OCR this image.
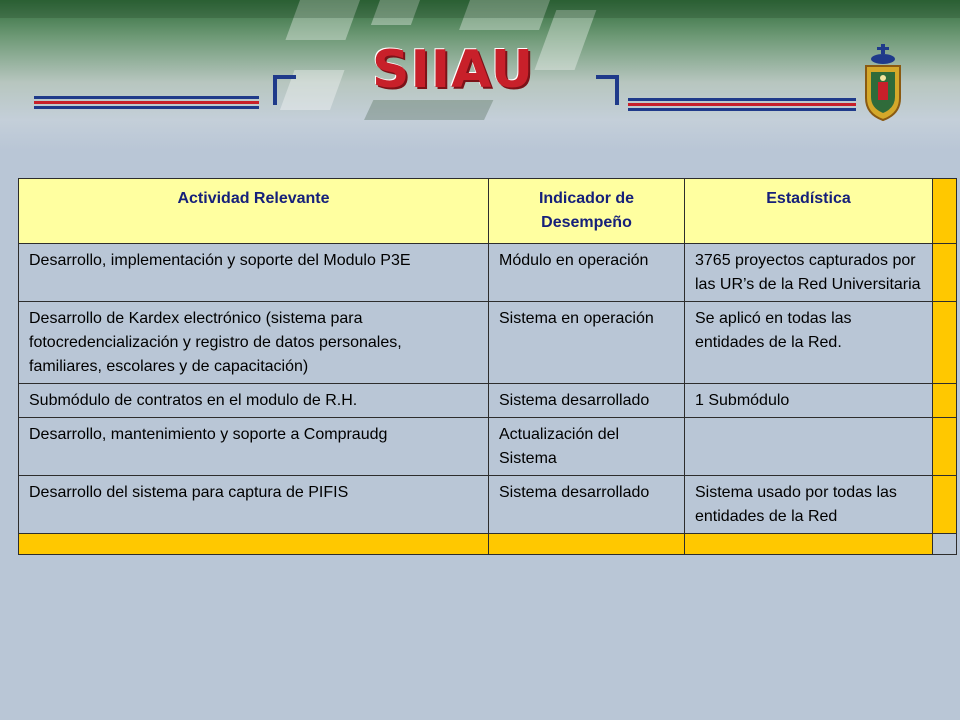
SIIAU
Actividad Relevante	Indicador de Desempeño	Estadística	
Desarrollo, implementación y soporte del Modulo P3E	Módulo en operación	3765 proyectos capturados por las UR’s de la Red Universitaria	
Desarrollo de Kardex electrónico (sistema para fotocredencialización y registro de datos personales, familiares, escolares y de capacitación)	Sistema en operación	Se aplicó en todas las entidades de la Red.	
Submódulo de contratos en el modulo de R.H.	Sistema desarrollado	1 Submódulo	
Desarrollo, mantenimiento y soporte a Compraudg	Actualización del Sistema		
Desarrollo del sistema para captura de PIFIS	Sistema desarrollado	Sistema usado por todas las entidades de la Red	
